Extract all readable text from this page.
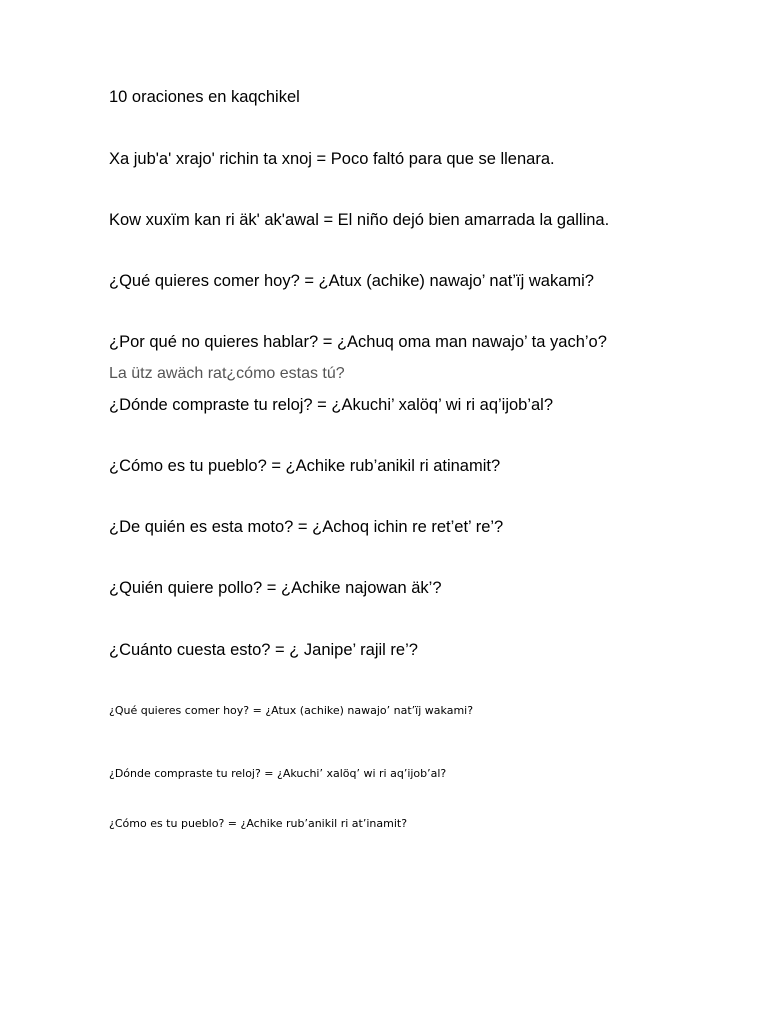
10 oraciones en kaqchikel
Xa jub'a' xrajo' richin ta xnoj = Poco faltó para que se llenara.
Kow xuxïm kan ri äk' ak'awal = El niño dejó bien amarrada la gallina.
¿Qué quieres comer hoy? = ¿Atux (achike) nawajo’ nat’ïj wakami?
¿Por qué no quieres hablar? = ¿Achuq oma man nawajo’ ta yach’o?
La ütz awäch rat¿cómo estas tú?
¿Dónde compraste tu reloj? = ¿Akuchi’ xalöq’ wi ri aq’ijob’al?
¿Cómo es tu pueblo? = ¿Achike rub’anikil ri atinamit?
¿De quién es esta moto? = ¿Achoq ichin re ret’et’ re’?
¿Quién quiere pollo? = ¿Achike najowan äk’?
¿Cuánto cuesta esto? = ¿ Janipe’ rajil re’?
¿Qué quieres comer hoy? = ¿Atux (achike) nawajo’ nat’ïj wakami?
¿Dónde compraste tu reloj? = ¿Akuchi’ xalöq’ wi ri aq’ijob’al?
¿Cómo es tu pueblo? = ¿Achike rub’anikil ri at’inamit?
